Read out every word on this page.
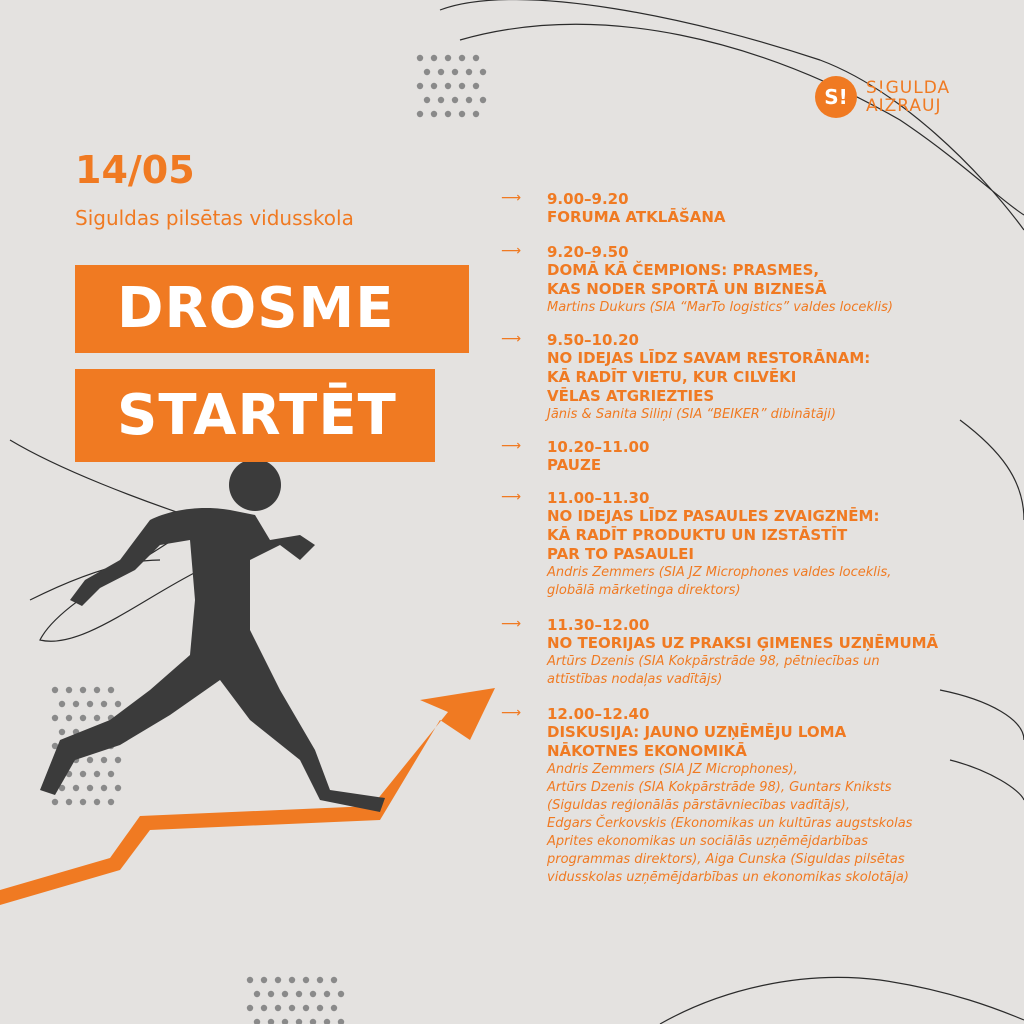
S!	S!GULDA
AIZRAUJ
14/05
Siguldas pilsētas vidusskola
DROSME
STARTĒT
⟶ 9.00–9.20
FORUMA ATKLĀŠANA
⟶ 9.20–9.50
DOMĀ KĀ ČEMPIONS: PRASMES,
KAS NODER SPORTĀ UN BIZNESĀ
Martins Dukurs (SIA “MarTo logistics” valdes loceklis)
⟶ 9.50–10.20
NO IDEJAS LĪDZ SAVAM RESTORĀNAM:
KĀ RADĪT VIETU, KUR CILVĒKI
VĒLAS ATGRIEZTIES
Jānis & Sanita Siliņi (SIA “BEIKER” dibinātāji)
⟶ 10.20–11.00
PAUZE
⟶ 11.00–11.30
NO IDEJAS LĪDZ PASAULES ZVAIGZNĒM:
KĀ RADĪT PRODUKTU UN IZSTĀSTĪT
PAR TO PASAULEI
Andris Zemmers (SIA JZ Microphones valdes loceklis,
globālā mārketinga direktors)
⟶ 11.30–12.00
NO TEORIJAS UZ PRAKSI ĢIMENES UZŅĒMUMĀ
Artūrs Dzenis (SIA Kokpārstrāde 98, pētniecības un
attīstības nodaļas vadītājs)
⟶ 12.00–12.40
DISKUSIJA: JAUNO UZŅĒMĒJU LOMA
NĀKOTNES EKONOMIKĀ
Andris Zemmers (SIA JZ Microphones),
Artūrs Dzenis (SIA Kokpārstrāde 98), Guntars Kniksts
(Siguldas reģionālās pārstāvniecības vadītājs),
Edgars Čerkovskis (Ekonomikas un kultūras augstskolas
Aprites ekonomikas un sociālās uzņēmējdarbības
programmas direktors), Aiga Cunska (Siguldas pilsētas
vidusskolas uzņēmējdarbības un ekonomikas skolotāja)
